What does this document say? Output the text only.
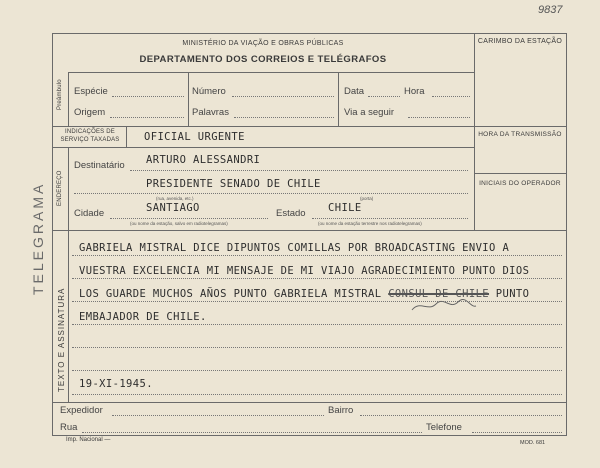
9837
TELEGRAMA
MINISTÉRIO DA VIAÇÃO E OBRAS PÚBLICAS
DEPARTAMENTO DOS CORREIOS E TELÉGRAFOS
CARIMBO DA ESTAÇÃO
Preâmbulo Espécie	Número	Data	Hora
Origem	Palavras	Via a seguir
INDICAÇÕES DE SERVIÇO TAXADAS	OFICIAL URGENTE
ENDEREÇO
Destinatário ARTURO ALESSANDRI
PRESIDENTE SENADO DE CHILE
(rua, avenida, etc.)	(porta)
Cidade	SANTIAGO	Estado CHILE
(ou nome da estação, salvo em radiotelegramas)	(ou nome da estação terrestre nos radiotelegramas)
HORA DA TRANSMISSÃO
INICIAIS DO OPERADOR
TEXTO E ASSINATURA
GABRIELA MISTRAL DICE DIPUNTOS COMILLAS POR BROADCASTING ENVIO A
VUESTRA EXCELENCIA MI MENSAJE DE MI VIAJO AGRADECIMIENTO PUNTO DIOS
LOS GUARDE MUCHOS AÑOS PUNTO GABRIELA MISTRAL CONSUL DE CHILE PUNTO
EMBAJADOR DE CHILE.
19-XI-1945.
Expedidor	Bairro
Rua	Telefone
Imp. Nacional —	MOD. 681
